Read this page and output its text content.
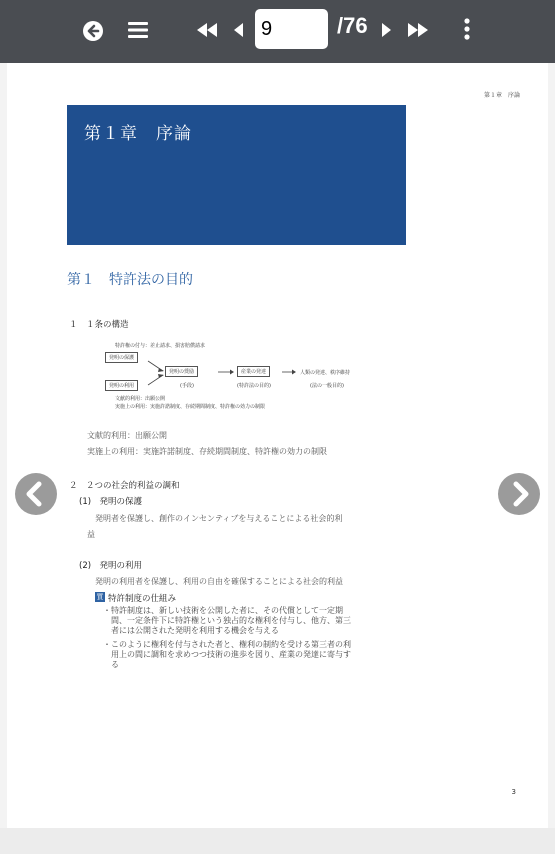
9	/76
第１章　序論
第１章　序論
第１　特許法の目的
１　１条の構造
特許権の付与：差止請求、損害賠償請求
発明の保護
発明の利用
発明の奨励	産業の発達	人類の発達、秩序維持
(手段)	(特許法の目的)	(法の一般目的)
文献的利用：出願公開
実施上の利用：実施許諾制度、存続期間制度、特許権の効力の制限
文献的利用：出願公開
実施上の利用：実施許諾制度、存続期間制度、特許権の効力の制限
２　２つの社会的利益の調和
(1)　発明の保護
発明者を保護し、創作のインセンティブを与えることによる社会的利
益
(2)　発明の利用
発明の利用者を保護し、利用の自由を確保することによる社会的利益
質 特許制度の仕組み
・特許制度は、新しい技術を公開した者に、その代償として一定期
間、一定条件下に特許権という独占的な権利を付与し、他方、第三
者には公開された発明を利用する機会を与える
・このように権利を付与された者と、権利の制約を受ける第三者の利
用上の間に調和を求めつつ技術の進歩を図り、産業の発達に寄与す
る
3
